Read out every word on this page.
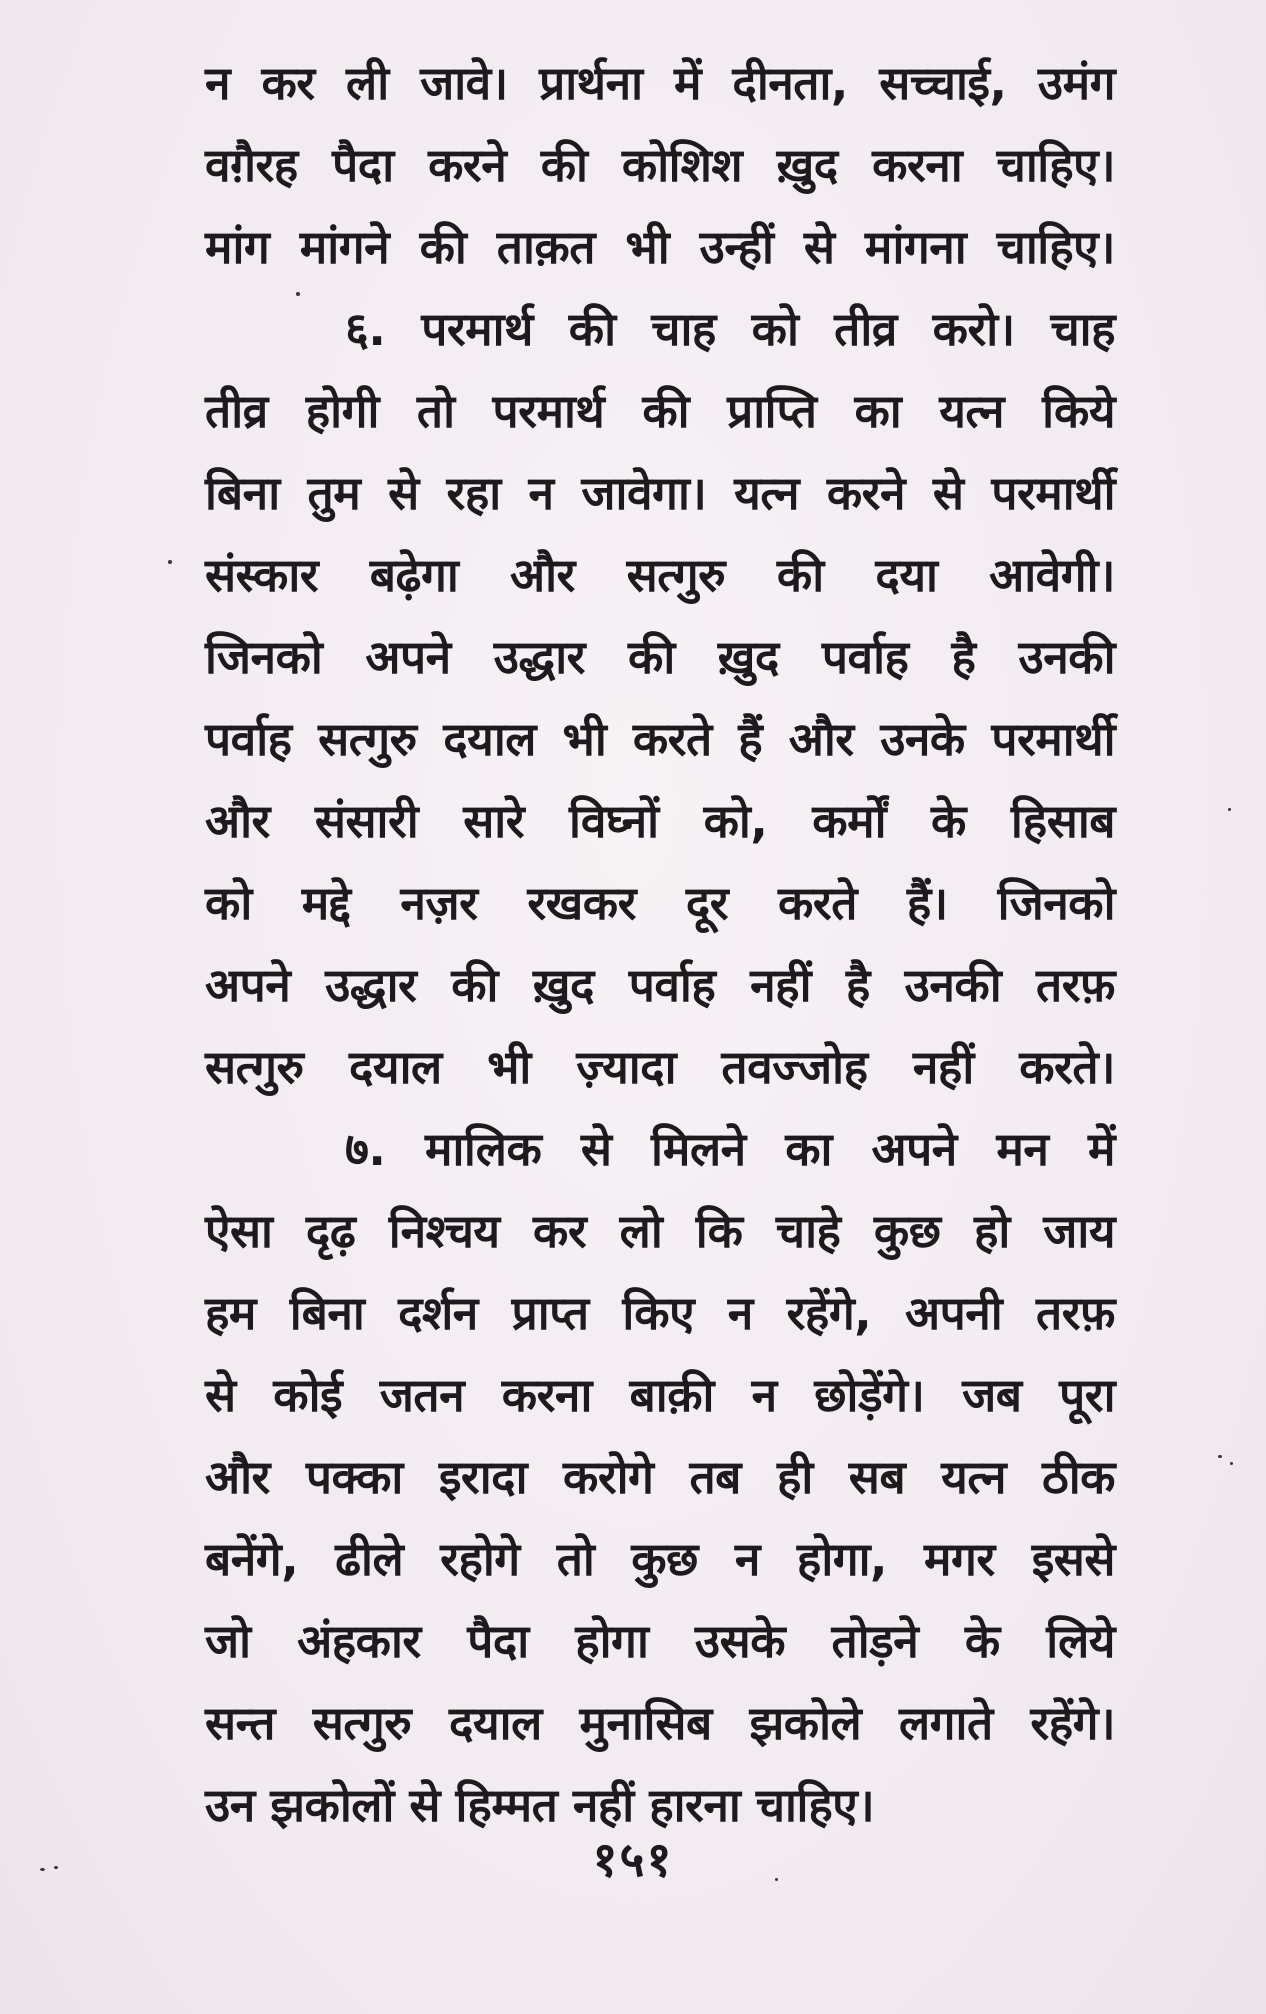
न कर ली जावे। प्रार्थना में दीनता, सच्चाई, उमंग
वग़ैरह पैदा करने की कोशिश ख़ुद करना चाहिए।
मांग मांगने की ताक़त भी उन्हीं से मांगना चाहिए।
६. परमार्थ की चाह को तीव्र करो। चाह
तीव्र होगी तो परमार्थ की प्राप्ति का यत्न किये
बिना तुम से रहा न जावेगा। यत्न करने से परमार्थी
संस्कार बढ़ेगा और सत्गुरु की दया आवेगी।
जिनको अपने उद्धार की ख़ुद पर्वाह है उनकी
पर्वाह सत्गुरु दयाल भी करते हैं और उनके परमार्थी
और संसारी सारे विघ्नों को, कर्मों के हिसाब
को मद्दे नज़र रखकर दूर करते हैं। जिनको
अपने उद्धार की ख़ुद पर्वाह नहीं है उनकी तरफ़
सत्गुरु दयाल भी ज़्यादा तवज्जोह नहीं करते।
७. मालिक से मिलने का अपने मन में
ऐसा दृढ़ निश्चय कर लो कि चाहे कुछ हो जाय
हम बिना दर्शन प्राप्त किए न रहेंगे, अपनी तरफ़
से कोई जतन करना बाक़ी न छोड़ेंगे। जब पूरा
और पक्का इरादा करोगे तब ही सब यत्न ठीक
बनेंगे, ढीले रहोगे तो कुछ न होगा, मगर इससे
जो अंहकार पैदा होगा उसके तोड़ने के लिये
सन्त सत्गुरु दयाल मुनासिब झकोले लगाते रहेंगे।
उन झकोलों से हिम्मत नहीं हारना चाहिए।
१५१
